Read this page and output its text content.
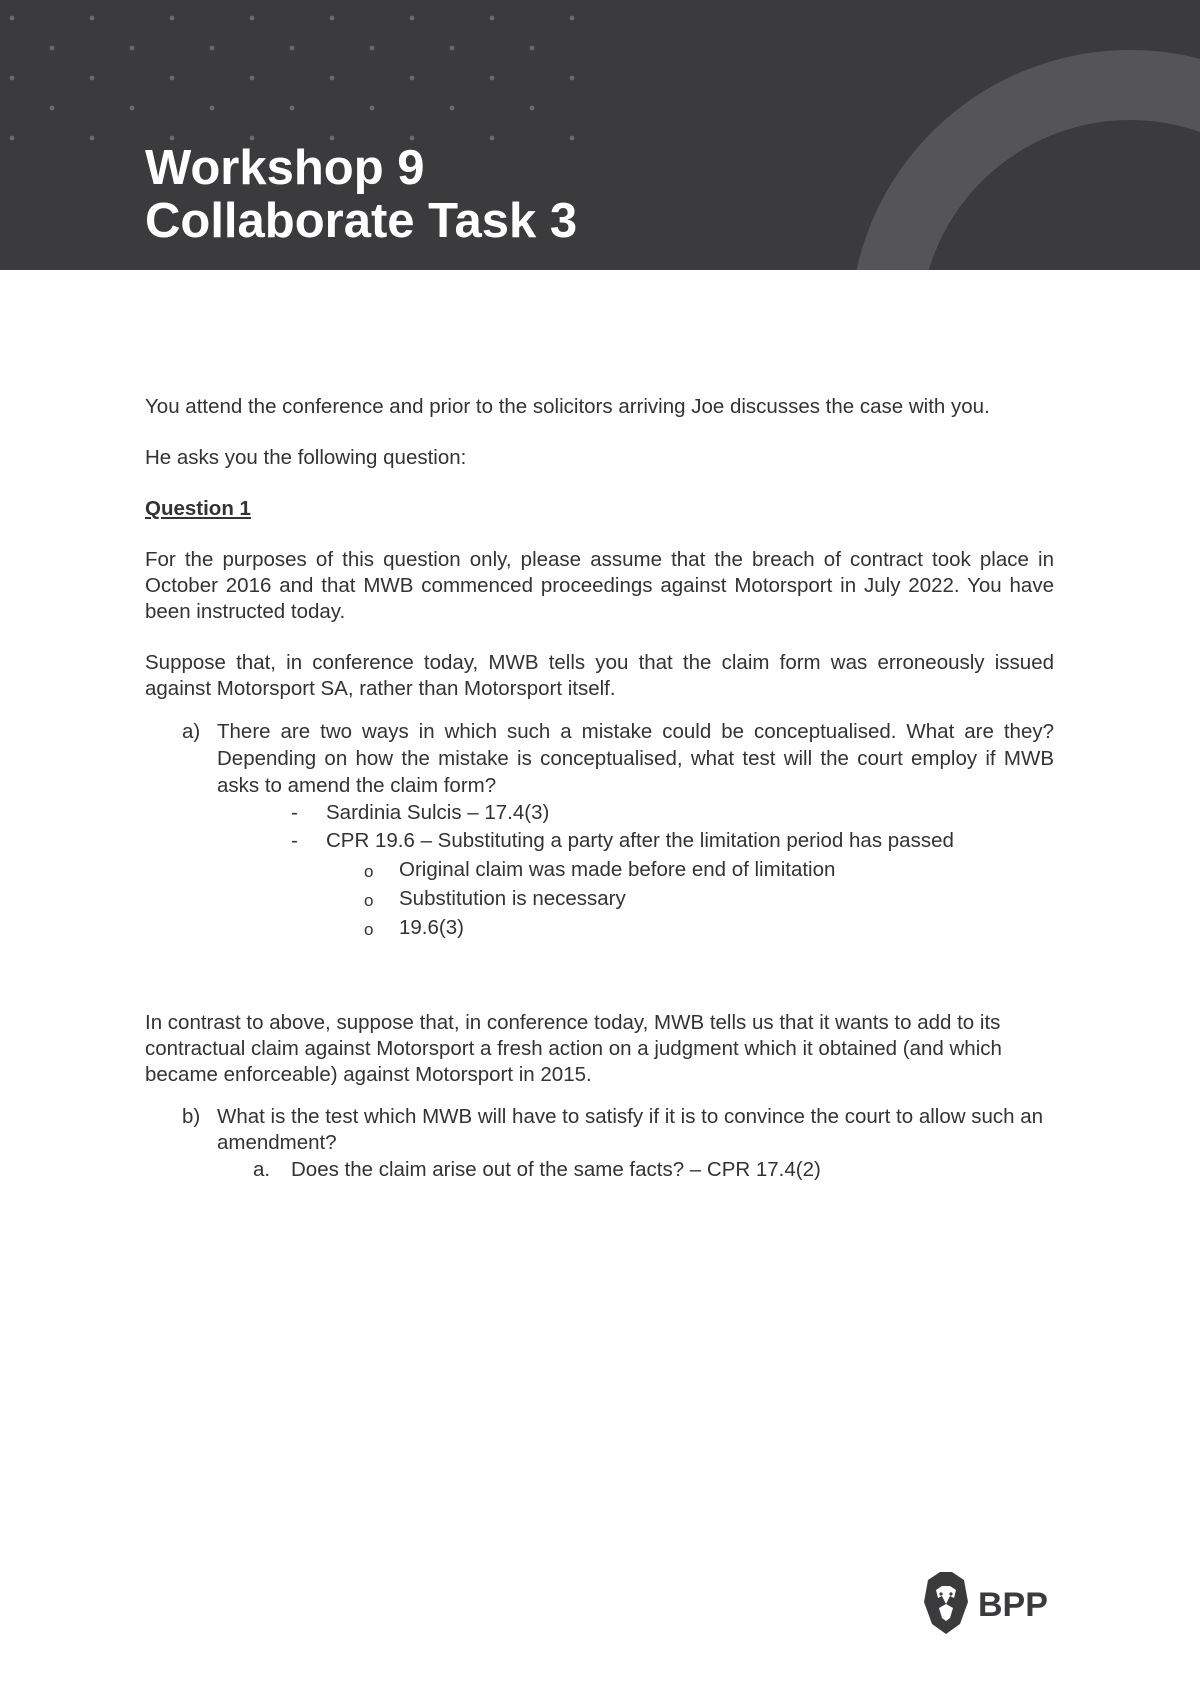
Workshop 9
Collaborate Task 3

You attend the conference and prior to the solicitors arriving Joe discusses the case with you.

He asks you the following question:

Question 1

For the purposes of this question only, please assume that the breach of contract took place in October 2016 and that MWB commenced proceedings against Motorsport in July 2022. You have been instructed today.

Suppose that, in conference today, MWB tells you that the claim form was erroneously issued against Motorsport SA, rather than Motorsport itself.

a) There are two ways in which such a mistake could be conceptualised. What are they? Depending on how the mistake is conceptualised, what test will the court employ if MWB asks to amend the claim form?
- Sardinia Sulcis – 17.4(3)
- CPR 19.6 – Substituting a party after the limitation period has passed
o Original claim was made before end of limitation
o Substitution is necessary
o 19.6(3)

In contrast to above, suppose that, in conference today, MWB tells us that it wants to add to its contractual claim against Motorsport a fresh action on a judgment which it obtained (and which became enforceable) against Motorsport in 2015.

b) What is the test which MWB will have to satisfy if it is to convince the court to allow such an amendment?
a. Does the claim arise out of the same facts? – CPR 17.4(2)
BPP
